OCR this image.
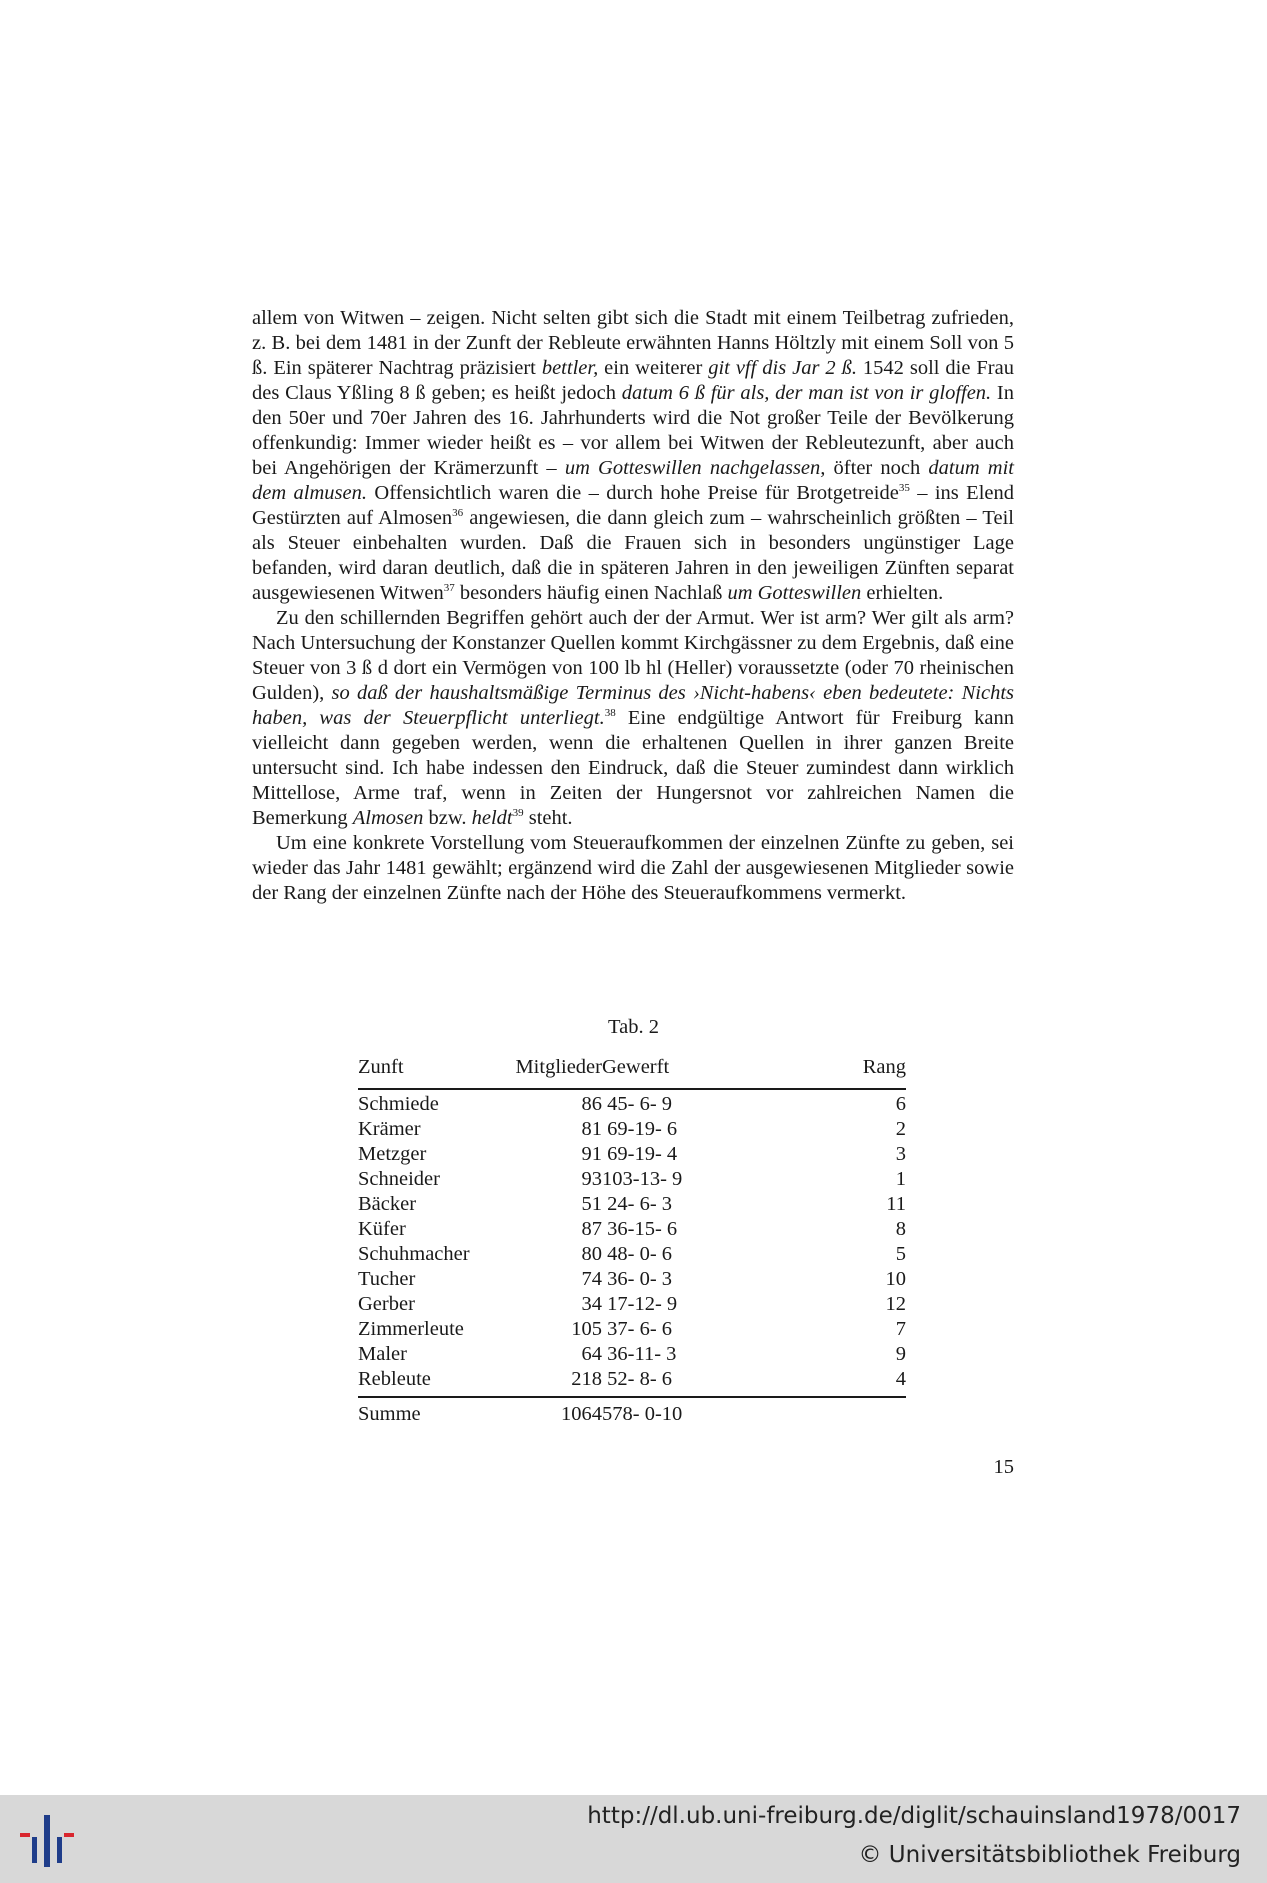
allem von Witwen – zeigen. Nicht selten gibt sich die Stadt mit einem Teilbetrag zufrieden, z. B. bei dem 1481 in der Zunft der Rebleute erwähnten Hanns Höltzly mit einem Soll von 5 ß. Ein späterer Nachtrag präzisiert bettler, ein weiterer git vff dis Jar 2 ß. 1542 soll die Frau des Claus Yßling 8 ß geben; es heißt jedoch datum 6 ß für als, der man ist von ir gloffen. In den 50er und 70er Jahren des 16. Jahrhunderts wird die Not großer Teile der Bevölkerung offenkundig: Immer wieder heißt es – vor allem bei Witwen der Rebleutezunft, aber auch bei Angehörigen der Krämerzunft – um Gotteswillen nachgelassen, öfter noch datum mit dem almusen. Offensichtlich waren die – durch hohe Preise für Brotgetreide$^{35}$ – ins Elend Gestürzten auf Almosen$^{36}$ angewiesen, die dann gleich zum – wahrscheinlich größten – Teil als Steuer einbehalten wurden. Daß die Frauen sich in besonders ungünstiger Lage befanden, wird daran deutlich, daß die in späteren Jahren in den jeweiligen Zünften separat ausgewiesenen Witwen$^{37}$ besonders häufig einen Nachlaß um Gotteswillen erhielten.

Zu den schillernden Begriffen gehört auch der der Armut. Wer ist arm? Wer gilt als arm? Nach Untersuchung der Konstanzer Quellen kommt Kirchgässner zu dem Ergebnis, daß eine Steuer von 3 ß d dort ein Vermögen von 100 lb hl (Heller) voraussetzte (oder 70 rheinischen Gulden), so daß der haushaltsmäßige Terminus des ›Nicht-habens‹ eben bedeutete: Nichts haben, was der Steuerpflicht unterliegt.$^{38}$ Eine endgültige Antwort für Freiburg kann vielleicht dann gegeben werden, wenn die erhaltenen Quellen in ihrer ganzen Breite untersucht sind. Ich habe indessen den Eindruck, daß die Steuer zumindest dann wirklich Mittellose, Arme traf, wenn in Zeiten der Hungersnot vor zahlreichen Namen die Bemerkung Almosen bzw. heldt$^{39}$ steht.

Um eine konkrete Vorstellung vom Steueraufkommen der einzelnen Zünfte zu geben, sei wieder das Jahr 1481 gewählt; ergänzend wird die Zahl der ausgewiesenen Mitglieder sowie der Rang der einzelnen Zünfte nach der Höhe des Steueraufkommens vermerkt.

Tab. 2
Zunft	Mitglieder	Gewerft	Rang
Schmiede	86	45- 6- 9	6
Krämer	81	69-19- 6	2
Metzger	91	69-19- 4	3
Schneider	93	103-13- 9	1
Bäcker	51	24- 6- 3	11
Küfer	87	36-15- 6	8
Schuhmacher	80	48- 0- 6	5
Tucher	74	36- 0- 3	10
Gerber	34	17-12- 9	12
Zimmerleute	105	37- 6- 6	7
Maler	64	36-11- 3	9
Rebleute	218	52- 8- 6	4
Summe	1064	578- 0-10	
15
http://dl.ub.uni-freiburg.de/diglit/schauinsland1978/0017
© Universitätsbibliothek Freiburg
